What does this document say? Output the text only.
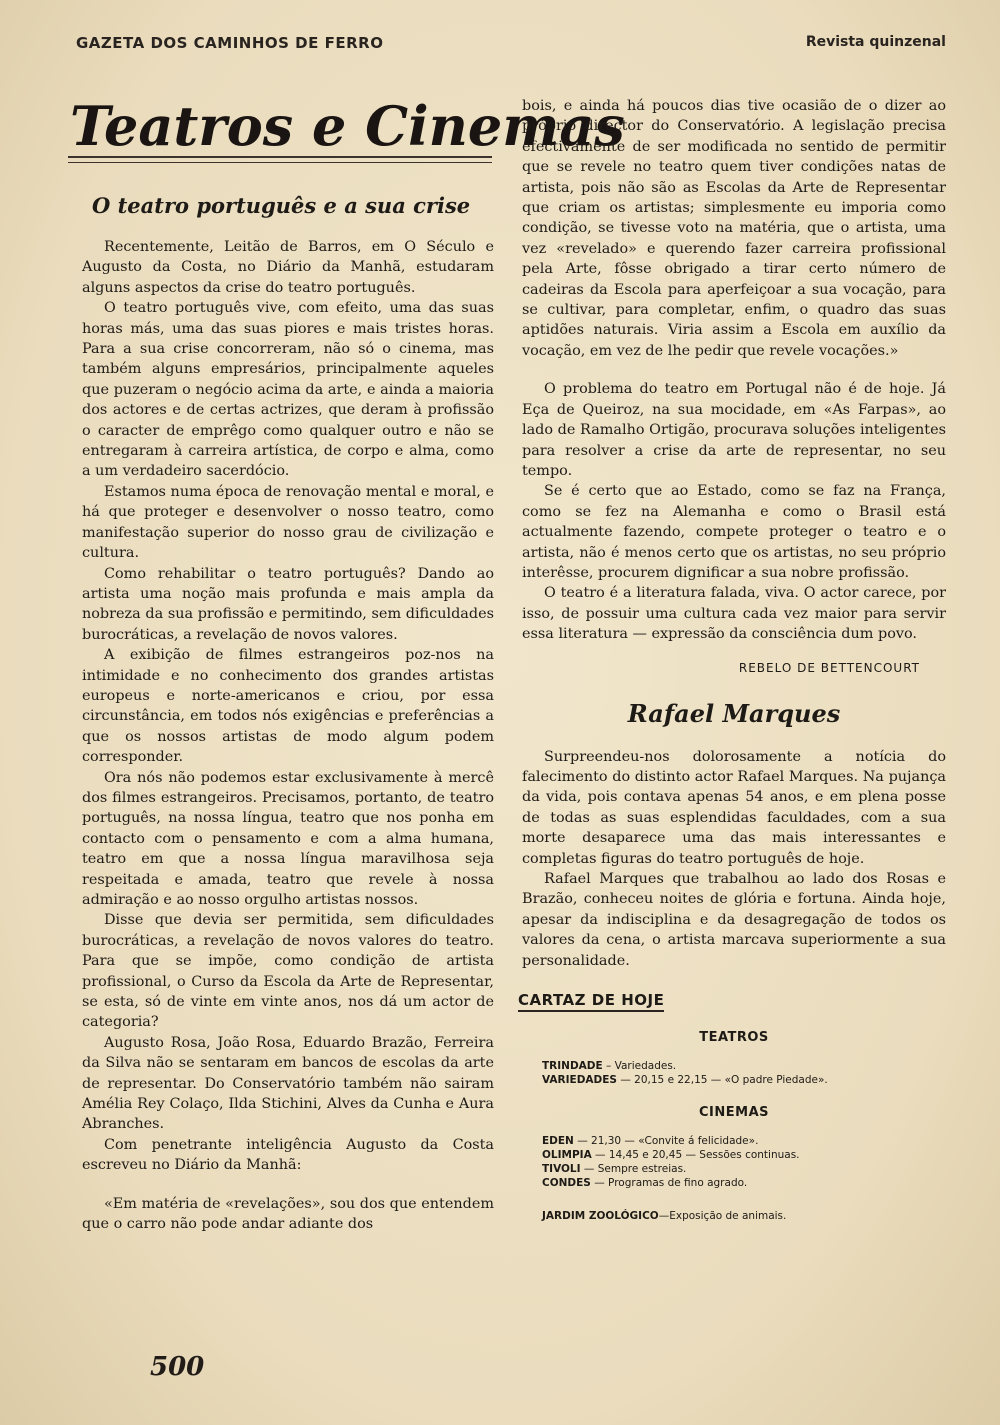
GAZETA DOS CAMINHOS DE FERRO	Revista quinzenal
Teatros e Cinemas
O teatro português e a sua crise

Recentemente, Leitão de Barros, em O Século e Augusto da Costa, no Diário da Manhã, estudaram alguns aspectos da crise do teatro português.

O teatro português vive, com efeito, uma das suas horas más, uma das suas piores e mais tristes horas. Para a sua crise concorreram, não só o cinema, mas também alguns empresários, principalmente aqueles que puzeram o negócio acima da arte, e ainda a maioria dos actores e de certas actrizes, que deram à profissão o caracter de emprêgo como qualquer outro e não se entregaram à carreira artística, de corpo e alma, como a um verdadeiro sacerdócio.

Estamos numa época de renovação mental e moral, e há que proteger e desenvolver o nosso teatro, como manifestação superior do nosso grau de civilização e cultura.

Como rehabilitar o teatro português? Dando ao artista uma noção mais profunda e mais ampla da nobreza da sua profissão e permitindo, sem dificuldades burocráticas, a revelação de novos valores.

A exibição de filmes estrangeiros poz-nos na intimidade e no conhecimento dos grandes artistas europeus e norte-americanos e criou, por essa circunstância, em todos nós exigências e preferências a que os nossos artistas de modo algum podem corresponder.

Ora nós não podemos estar exclusivamente à mercê dos filmes estrangeiros. Precisamos, portanto, de teatro português, na nossa língua, teatro que nos ponha em contacto com o pensamento e com a alma humana, teatro em que a nossa língua maravilhosa seja respeitada e amada, teatro que revele à nossa admiração e ao nosso orgulho artistas nossos.

Disse que devia ser permitida, sem dificuldades burocráticas, a revelação de novos valores do teatro. Para que se impõe, como condição de artista profissional, o Curso da Escola da Arte de Representar, se esta, só de vinte em vinte anos, nos dá um actor de categoria?

Augusto Rosa, João Rosa, Eduardo Brazão, Ferreira da Silva não se sentaram em bancos de escolas da arte de representar. Do Conservatório também não sairam Amélia Rey Colaço, Ilda Stichini, Alves da Cunha e Aura Abranches.

Com penetrante inteligência Augusto da Costa escreveu no Diário da Manhã:

«Em matéria de «revelações», sou dos que entendem que o carro não pode andar adiante dos

bois, e ainda há poucos dias tive ocasião de o dizer ao próprio director do Conservatório. A legislação precisa efectivamente de ser modificada no sentido de permitir que se revele no teatro quem tiver condições natas de artista, pois não são as Escolas da Arte de Representar que criam os artistas; simplesmente eu imporia como condição, se tivesse voto na matéria, que o artista, uma vez «revelado» e querendo fazer carreira profissional pela Arte, fôsse obrigado a tirar certo número de cadeiras da Escola para aperfeiçoar a sua vocação, para se cultivar, para completar, enfim, o quadro das suas aptidões naturais. Viria assim a Escola em auxílio da vocação, em vez de lhe pedir que revele vocações.»

O problema do teatro em Portugal não é de hoje. Já Eça de Queiroz, na sua mocidade, em «As Farpas», ao lado de Ramalho Ortigão, procurava soluções inteligentes para resolver a crise da arte de representar, no seu tempo.

Se é certo que ao Estado, como se faz na França, como se fez na Alemanha e como o Brasil está actualmente fazendo, compete proteger o teatro e o artista, não é menos certo que os artistas, no seu próprio interêsse, procurem dignificar a sua nobre profissão.

O teatro é a literatura falada, viva. O actor carece, por isso, de possuir uma cultura cada vez maior para servir essa literatura — expressão da consciência dum povo.

REBELO DE BETTENCOURT
Rafael Marques

Surpreendeu-nos dolorosamente a notícia do falecimento do distinto actor Rafael Marques. Na pujança da vida, pois contava apenas 54 anos, e em plena posse de todas as suas esplendidas faculdades, com a sua morte desaparece uma das mais interessantes e completas figuras do teatro português de hoje.

Rafael Marques que trabalhou ao lado dos Rosas e Brazão, conheceu noites de glória e fortuna. Ainda hoje, apesar da indisciplina e da desagregação de todos os valores da cena, o artista marcava superiormente a sua personalidade.

CARTAZ DE HOJE
TEATROS
TRINDADE – Variedades.
VARIEDADES — 20,15 e 22,15 — «O padre Piedade».
CINEMAS
EDEN — 21,30 — «Convite á felicidade».
OLIMPIA — 14,45 e 20,45 — Sessões continuas.
TIVOLI — Sempre estreias.
CONDES — Programas de fino agrado.
JARDIM ZOOLÓGICO—Exposição de animais.
500
